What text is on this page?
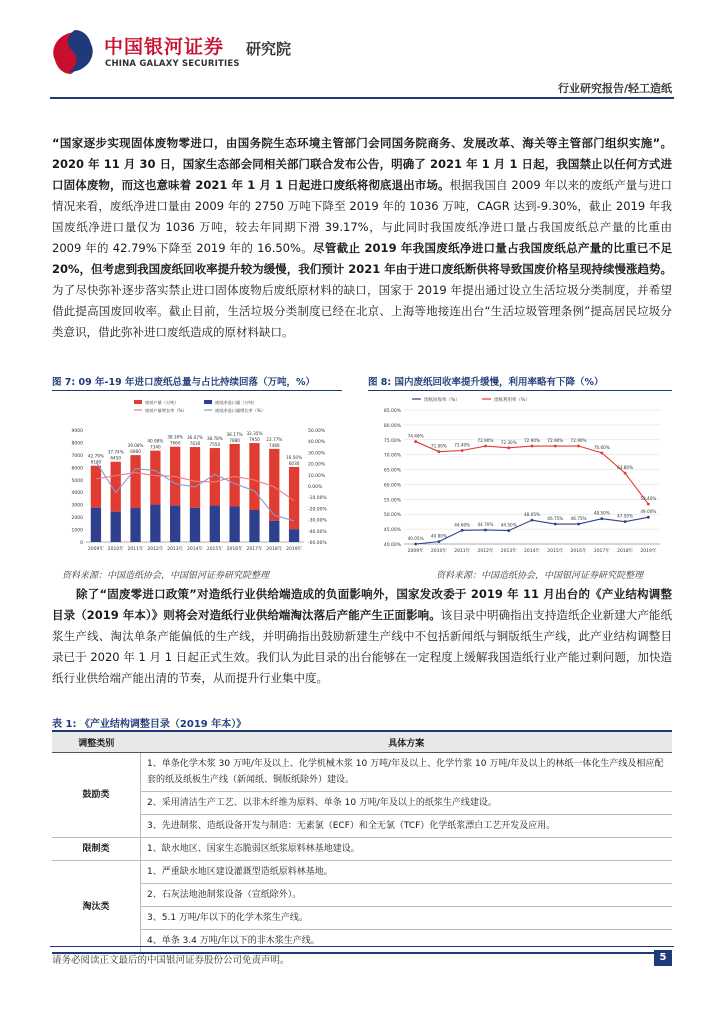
中国银河证券
CHINA GALAXY SECURITIES
研究院
行业研究报告/轻工造纸
“国家逐步实现固体废物零进口，由国务院生态环境主管部门会同国务院商务、发展改革、海关等主管部门组织实施”。2020 年 11 月 30 日，国家生态部会同相关部门联合发布公告，明确了 2021 年 1 月 1 日起，我国禁止以任何方式进口固体废物，而这也意味着 2021 年 1 月 1 日起进口废纸将彻底退出市场。根据我国自 2009 年以来的废纸产量与进口情况来看，废纸净进口量由 2009 年的 2750 万吨下降至 2019 年的 1036 万吨，CAGR 达到-9.30%，截止 2019 年我国废纸净进口量仅为 1036 万吨，较去年同期下滑 39.17%，与此同时我国废纸净进口量占我国废纸总产量的比重由 2009 年的 42.79%下降至 2019 年的 16.50%。尽管截止 2019 年我国废纸净进口量占我国废纸总产量的比重已不足 20%，但考虑到我国废纸回收率提升较为缓慢，我们预计 2021 年由于进口废纸断供将导致国废价格呈现持续慢涨趋势。为了尽快弥补逐步落实禁止进口固体废物后废纸原材料的缺口，国家于 2019 年提出通过设立生活垃圾分类制度，并希望借此提高国废回收率。截止目前，生活垃圾分类制度已经在北京、上海等地接连出台“生活垃圾管理条例”提高居民垃圾分类意识，借此弥补进口废纸造成的原材料缺口。
图 7: 09 年-19 年进口废纸总量与占比持续回落（万吨，%）
0
1000
2000
3000
4000
5000
6000
7000
8000
9000
-60.00%
-40.00%
-30.00%
-20.00%
-10.00%
0.00%
10.00%
20.00%
30.00%
40.00%
50.00%
6130
42.79%
2009年
6450
37.74%
2010年
6980
39.08%
2011年
7340
40.98%
2012年
7660
38.16%
2013年
7630
36.07%
2014年
7550
38.78%
2015年
7880
36.17%
2016年
7950
32.35%
2017年
7480
22.77%
2018年
6030
16.50%
2019年
废纸产量（万吨）	废纸净进口量（万吨）
废纸产量增长率（%）	废纸净进口量增长率（%）
资料来源：中国造纸协会，中国银河证券研究院整理
图 8: 国内废纸回收率提升缓慢，利用率略有下降（%）
40.00%
45.00%
50.00%
55.00%
60.00%
65.00%
70.00%
75.00%
80.00%
85.00%
40.05% 40.80%
44.60% 44.70% 44.50%
48.05%
46.75% 46.75%
48.50%
47.50%
49.00%
74.48%
71.00% 71.40%
72.90% 72.30% 72.90% 72.90% 72.90%
70.60%
63.80%
53.40%
2009年 2010年 2011年 2012年 2013年 2014年 2015年 2016年 2017年 2018年 2019年
废纸回收率（%）	废纸利用率（%）
资料来源：中国造纸协会，中国银河证券研究院整理
除了“固废零进口政策”对造纸行业供给端造成的负面影响外，国家发改委于 2019 年 11 月出台的《产业结构调整目录（2019 年本）》则将会对造纸行业供给端淘汰落后产能产生正面影响。该目录中明确指出支持造纸企业新建大产能纸浆生产线、淘汰单条产能偏低的生产线，并明确指出鼓励新建生产线中不包括新闻纸与铜版纸生产线，此产业结构调整目录已于 2020 年 1 月 1 日起正式生效。我们认为此目录的出台能够在一定程度上缓解我国造纸行业产能过剩问题，加快造纸行业供给端产能出清的节奏，从而提升行业集中度。
表 1: 《产业结构调整目录（2019 年本）》
调整类别	具体方案
鼓励类	1、单条化学木浆 30 万吨/年及以上、化学机械木浆 10 万吨/年及以上、化学竹浆 10 万吨/年及以上的林纸一体化生产线及相应配套的纸及纸板生产线（新闻纸、铜版纸除外）建设。
	2、采用清洁生产工艺、以非木纤维为原料、单条 10 万吨/年及以上的纸浆生产线建设。
	3、先进制浆、造纸设备开发与制造：无素氯（ECF）和全无氯（TCF）化学纸浆漂白工艺开发及应用。
限制类	1、缺水地区、国家生态脆弱区纸浆原料林基地建设。
淘汰类	1、严重缺水地区建设灌溉型造纸原料林基地。
	2、石灰法地池制浆设备（宣纸除外）。
	3、5.1 万吨/年以下的化学木浆生产线。
	4、单条 3.4 万吨/年以下的非木浆生产线。
请务必阅读正文最后的中国银河证券股份公司免责声明。	5
